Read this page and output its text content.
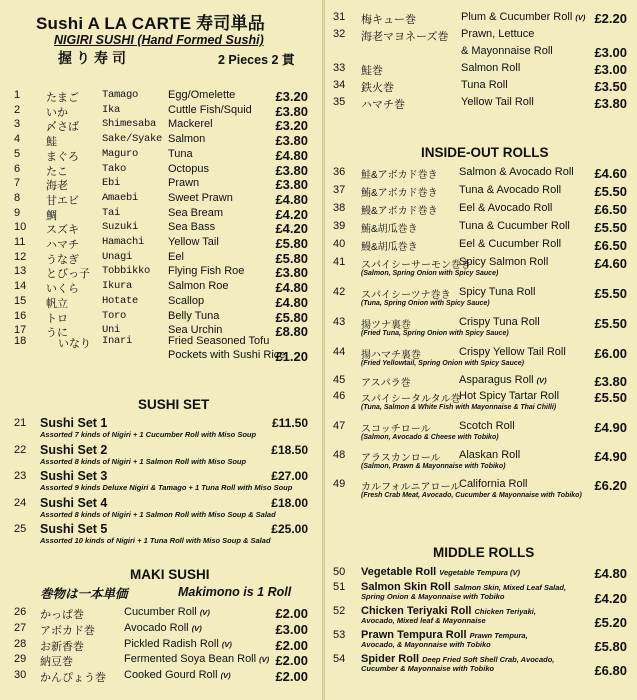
Sushi A LA CARTE 寿司単品
NIGIRI SUSHI (Hand Formed Sushi)
握り寿司	2 Pieces 2 貫
1 たまご Tamago	Egg/Omelette	£3.20
2 いか	Ika	Cuttle Fish/Squid £3.80
3 〆さば Shimesaba Mackerel	£3.20
4 鮭	Sake/Syake Salmon	£3.80
5 まぐろ Maguro	Tuna	£4.80
6 たこ	Tako	Octopus	£3.80
7 海老	Ebi	Prawn	£3.80
8 甘エビ Amaebi	Sweet Prawn	£4.80
9 鯛	Tai	Sea Bream	£4.20
10 スズキ Suzuki	Sea Bass	£4.20
11 ハマチ Hamachi Yellow Tail	£5.80
12 うなぎ Unagi	Eel	£5.80
13 とびっ子 Tobbikko Flying Fish Roe £3.80
14 いくら Ikura	Salmon Roe	£4.80
15 帆立	Hotate	Scallop	£4.80
16 トロ	Toro	Belly Tuna	£5.80
17 うに	Uni	Sea Urchin	£8.80
18	いなり Inari	Fried Seasoned Tofu
Pockets with Sushi Rice
£1.20
SUSHI SET
21 Sushi Set 1	£11.50
Assorted 7 kinds of Nigiri + 1 Cucumber Roll with Miso Soup
22 Sushi Set 2	£18.50
Assorted 8 kinds of Nigiri + 1 Salmon Roll with Miso Soup
23 Sushi Set 3	£27.00
Assorted 9 kinds Deluxe Nigiri & Tamago + 1 Tuna Roll with Miso Soup
24 Sushi Set 4	£18.00
Assorted 8 kinds of Nigiri + 1 Salmon Roll with Miso Soup & Salad
25 Sushi Set 5	£25.00
Assorted 10 kinds of Nigiri + 1 Tuna Roll with Miso Soup & Salad
MAKI SUSHI
巻物は一本単価	Makimono is 1 Roll
26 かっぱ巻	Cucumber Roll (V)	£2.00
27 アボカド巻	Avocado Roll (V)	£3.00
28 お新香巻	Pickled Radish Roll (V)	£2.00
29 納豆巻	Fermented Soya Bean Roll (V) £2.00
30 かんぴょう巻 Cooked Gourd Roll (V)	£2.00
31 梅キュー巻	Plum & Cucumber Roll (V) £2.20
32 海老マヨネーズ巻 Prawn, Lettuce
& Mayonnaise Roll	£3.00
33 鮭巻	Salmon Roll	£3.00
34 鉄火巻	Tuna Roll	£3.50
35 ハマチ巻	Yellow Tail Roll	£3.80
INSIDE-OUT ROLLS
36 鮭&アボカド巻き Salmon & Avocado Roll £4.60
37 鮪&アボカド巻き Tuna & Avocado Roll	£5.50
38 鰻&アボカド巻き Eel & Avocado Roll	£6.50
39 鮪&胡瓜巻き	Tuna & Cucumber Roll £5.50
40 鰻&胡瓜巻き	Eel & Cucumber Roll	£6.50
41 スパイシーサーモン巻き
Spicy Salmon Roll	£4.60
(Salmon, Spring Onion with Spicy Sauce)
42 スパイシーツナ巻き Spicy Tuna Roll	£5.50
(Tuna, Spring Onion with Spicy Sauce)
43 揚ツナ裏巻	Crispy Tuna Roll	£5.50
(Fried Tuna, Spring Onion with Spicy Sauce)
44 揚ハマチ裏巻	Crispy Yellow Tail Roll £6.00
(Fried Yellowtail, Spring Onion with Spicy Sauce)
45 アスパラ巻	Asparagus Roll (V)	£3.80
46 スパイシータルタル巻
Hot Spicy Tartar Roll	£5.50
(Tuna, Salmon & White Fish with Mayonnaise & Thai Chilli)
47 スコッチロール	Scotch Roll	£4.90
(Salmon, Avocado & Cheese with Tobiko)
48 アラスカンロール Alaskan Roll	£4.90
(Salmon, Prawn & Mayonnaise with Tobiko)
49 カルフォルニアロール
California Roll	£6.20
(Fresh Crab Meat, Avocado, Cucumber & Mayonnaise with Tobiko)
MIDDLE ROLLS
50 Vegetable Roll Vegetable Tempura (V)	£4.80
51 Salmon Skin Roll Salmon Skin, Mixed Leaf Salad,
Spring Onion & Mayonnaise with Tobiko	£4.20
52 Chicken Teriyaki Roll Chicken Teriyaki,
Avocado, Mixed leaf & Mayonnaise	£5.20
53 Prawn Tempura Roll Prawn Tempura,
Avocado, & Mayonnaise with Tobiko	£5.80
54 Spider Roll Deep Fried Soft Shell Crab, Avocado,
Cucumber & Mayonnaise with Tobiko	£6.80
